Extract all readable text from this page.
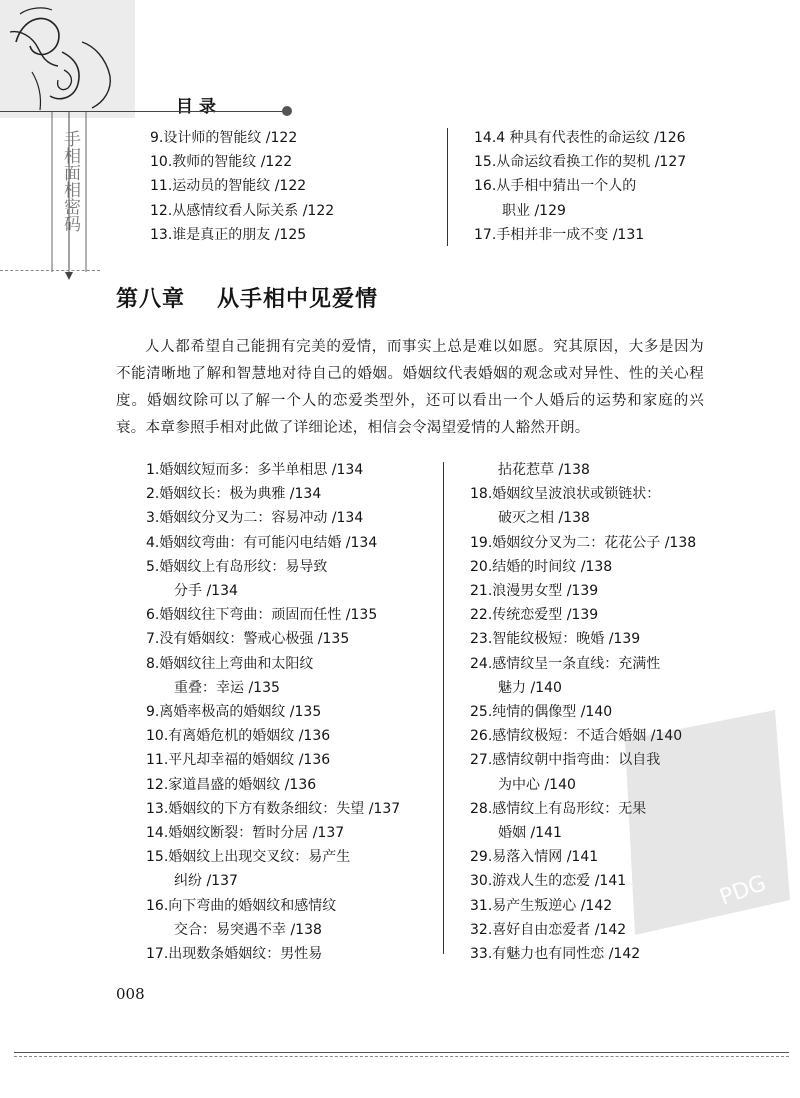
手相面相密码
目录
9.设计师的智能纹 /122
10.教师的智能纹 /122
11.运动员的智能纹 /122
12.从感情纹看人际关系 /122
13.谁是真正的朋友 /125
14.4 种具有代表性的命运纹 /126
15.从命运纹看换工作的契机 /127
16.从手相中猜出一个人的
职业 /129
17.手相并非一成不变 /131
第八章 从手相中见爱情
人人都希望自己能拥有完美的爱情，而事实上总是难以如愿。究其原因，大多是因为不能清晰地了解和智慧地对待自己的婚姻。婚姻纹代表婚姻的观念或对异性、性的关心程度。婚姻纹除可以了解一个人的恋爱类型外，还可以看出一个人婚后的运势和家庭的兴衰。本章参照手相对此做了详细论述，相信会令渴望爱情的人豁然开朗。
1.婚姻纹短而多：多半单相思 /134
2.婚姻纹长：极为典雅 /134
3.婚姻纹分叉为二：容易冲动 /134
4.婚姻纹弯曲：有可能闪电结婚 /134
5.婚姻纹上有岛形纹：易导致
分手 /134
6.婚姻纹往下弯曲：顽固而任性 /135
7.没有婚姻纹：警戒心极强 /135
8.婚姻纹往上弯曲和太阳纹
重叠：幸运 /135
9.离婚率极高的婚姻纹 /135
10.有离婚危机的婚姻纹 /136
11.平凡却幸福的婚姻纹 /136
12.家道昌盛的婚姻纹 /136
13.婚姻纹的下方有数条细纹：失望 /137
14.婚姻纹断裂：暂时分居 /137
15.婚姻纹上出现交叉纹：易产生
纠纷 /137
16.向下弯曲的婚姻纹和感情纹
交合：易突遇不幸 /138
17.出现数条婚姻纹：男性易
拈花惹草 /138
18.婚姻纹呈波浪状或锁链状：
破灭之相 /138
19.婚姻纹分叉为二：花花公子 /138
20.结婚的时间纹 /138
21.浪漫男女型 /139
22.传统恋爱型 /139
23.智能纹极短：晚婚 /139
24.感情纹呈一条直线：充满性
魅力 /140
25.纯情的偶像型 /140
26.感情纹极短：不适合婚姻 /140
27.感情纹朝中指弯曲：以自我
为中心 /140
28.感情纹上有岛形纹：无果
婚姻 /141
29.易落入情网 /141
30.游戏人生的恋爱 /141
31.易产生叛逆心 /142
32.喜好自由恋爱者 /142
33.有魅力也有同性恋 /142
PDG
008
